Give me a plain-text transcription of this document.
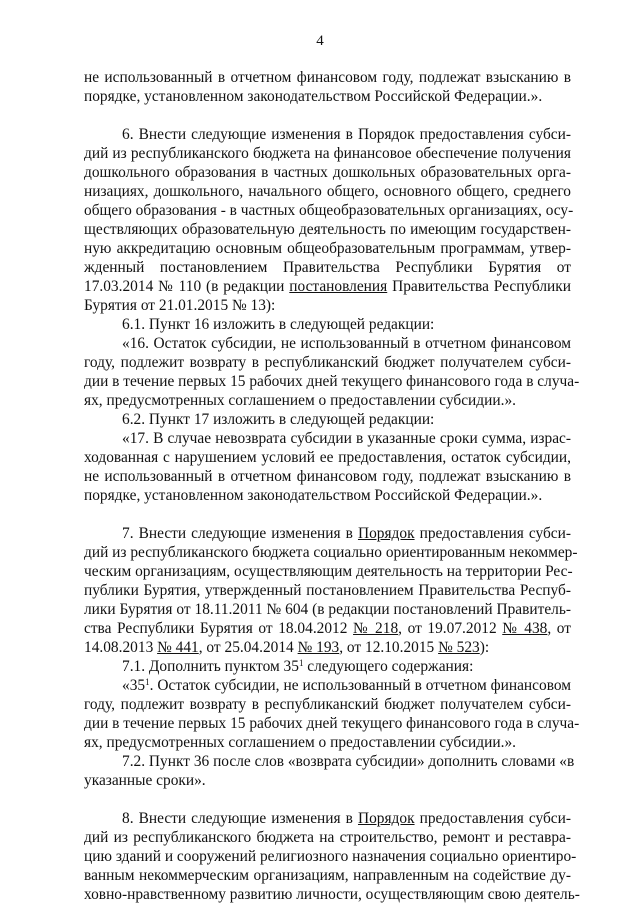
4
не использованный в отчетном финансовом году, подлежат взысканию в
порядке, установленном законодательством Российской Федерации.».
6. Внести следующие изменения в Порядок предоставления субси-
дий из республиканского бюджета на финансовое обеспечение получения
дошкольного образования в частных дошкольных образовательных орга-
низациях, дошкольного, начального общего, основного общего, среднего
общего образования - в частных общеобразовательных организациях, осу-
ществляющих образовательную деятельность по имеющим государствен-
ную аккредитацию основным общеобразовательным программам, утвер-
жденный постановлением Правительства Республики Бурятия от
17.03.2014 № 110 (в редакции постановления Правительства Республики
Бурятия от 21.01.2015 № 13):
6.1. Пункт 16 изложить в следующей редакции:
«16. Остаток субсидии, не использованный в отчетном финансовом
году, подлежит возврату в республиканский бюджет получателем субси-
дии в течение первых 15 рабочих дней текущего финансового года в случа-
ях, предусмотренных соглашением о предоставлении субсидии.».
6.2. Пункт 17 изложить в следующей редакции:
«17. В случае невозврата субсидии в указанные сроки сумма, израс-
ходованная с нарушением условий ее предоставления, остаток субсидии,
не использованный в отчетном финансовом году, подлежат взысканию в
порядке, установленном законодательством Российской Федерации.».
7. Внести следующие изменения в Порядок предоставления субси-
дий из республиканского бюджета социально ориентированным некоммер-
ческим организациям, осуществляющим деятельность на территории Рес-
публики Бурятия, утвержденный постановлением Правительства Респуб-
лики Бурятия от 18.11.2011 № 604 (в редакции постановлений Правитель-
ства Республики Бурятия от 18.04.2012 № 218, от 19.07.2012 № 438, от
14.08.2013 № 441, от 25.04.2014 № 193, от 12.10.2015 № 523):
7.1. Дополнить пунктом $35^1$ следующего содержания:
«$35^1$. Остаток субсидии, не использованный в отчетном финансовом
году, подлежит возврату в республиканский бюджет получателем субси-
дии в течение первых 15 рабочих дней текущего финансового года в случа-
ях, предусмотренных соглашением о предоставлении субсидии.».
7.2. Пункт 36 после слов «возврата субсидии» дополнить словами «в
указанные сроки».
8. Внести следующие изменения в Порядок предоставления субси-
дий из республиканского бюджета на строительство, ремонт и реставра-
цию зданий и сооружений религиозного назначения социально ориентиро-
ванным некоммерческим организациям, направленным на содействие ду-
ховно-нравственному развитию личности, осуществляющим свою деятель-
